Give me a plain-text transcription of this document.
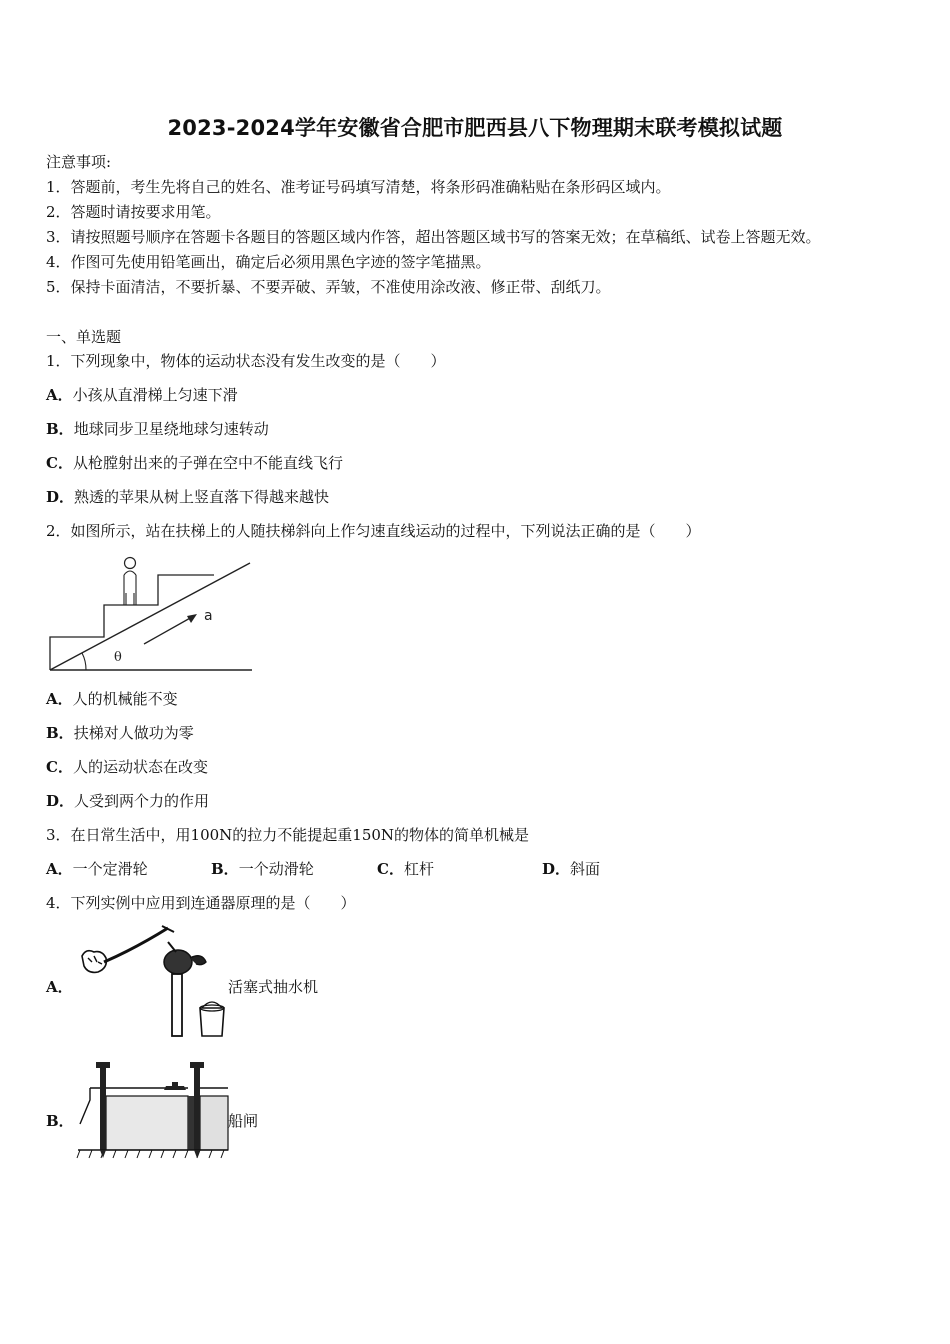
2023-2024学年安徽省合肥市肥西县八下物理期末联考模拟试题
注意事项:
1．答题前，考生先将自己的姓名、准考证号码填写清楚，将条形码准确粘贴在条形码区域内。
2．答题时请按要求用笔。
3．请按照题号顺序在答题卡各题目的答题区域内作答，超出答题区域书写的答案无效；在草稿纸、试卷上答题无效。
4．作图可先使用铅笔画出，确定后必须用黑色字迹的签字笔描黑。
5．保持卡面清洁，不要折暴、不要弄破、弄皱，不准使用涂改液、修正带、刮纸刀。
一、单选题
1．下列现象中，物体的运动状态没有发生改变的是（　　）
A．小孩从直滑梯上匀速下滑
B．地球同步卫星绕地球匀速转动
C．从枪膛射出来的子弹在空中不能直线飞行
D．熟透的苹果从树上竖直落下得越来越快
2．如图所示，站在扶梯上的人随扶梯斜向上作匀速直线运动的过程中，下列说法正确的是（　　）
a
θ
A．人的机械能不变
B．扶梯对人做功为零
C．人的运动状态在改变
D．人受到两个力的作用
3．在日常生活中，用100N的拉力不能提起重150N的物体的简单机械是
A．一个定滑轮	B．一个动滑轮	C．杠杆	D．斜面
4．下列实例中应用到连通器原理的是（　　）
A．	活塞式抽水机
B．	船闸
